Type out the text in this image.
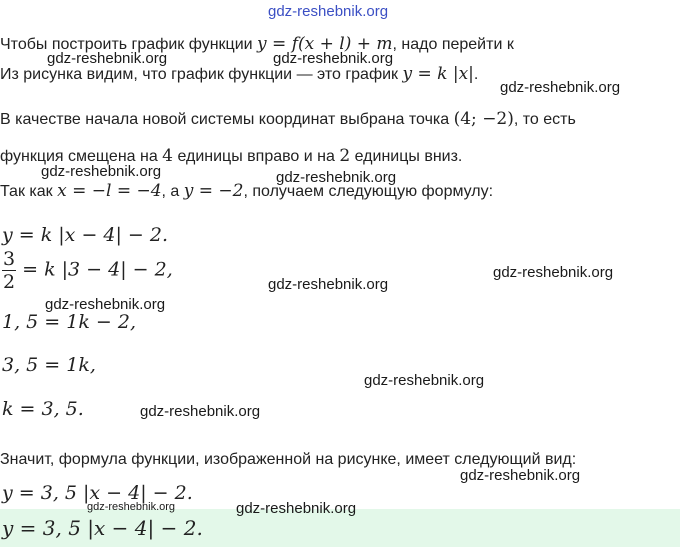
gdz-reshebnik.org
Чтобы построить график функции y = f(x + l) + m, надо перейти к
Из рисунка видим, что график функции — это график y = k |x|.
В качестве начала новой системы координат выбрана точка (4; −2), то есть
функция смещена на 4 единицы вправо и на 2 единицы вниз.
Так как x = −l = −4, а y = −2, получаем следующую формулу:
y = k |x − 4| − 2.
$\frac{3}{2} = k$ |3 − 4| − 2,
1, 5 = 1k − 2,
3, 5 = 1k,
k = 3, 5.
Значит, формула функции, изображенной на рисунке, имеет следующий вид:
y = 3, 5 |x − 4| − 2.
y = 3, 5 |x − 4| − 2.
gdz-reshebnik.org	gdz-reshebnik.org
gdz-reshebnik.org
gdz-reshebnik.org	gdz-reshebnik.org
gdz-reshebnik.org
gdz-reshebnik.org
gdz-reshebnik.org
gdz-reshebnik.org
gdz-reshebnik.org
gdz-reshebnik.org
gdz-reshebnik.org	gdz-reshebnik.org
